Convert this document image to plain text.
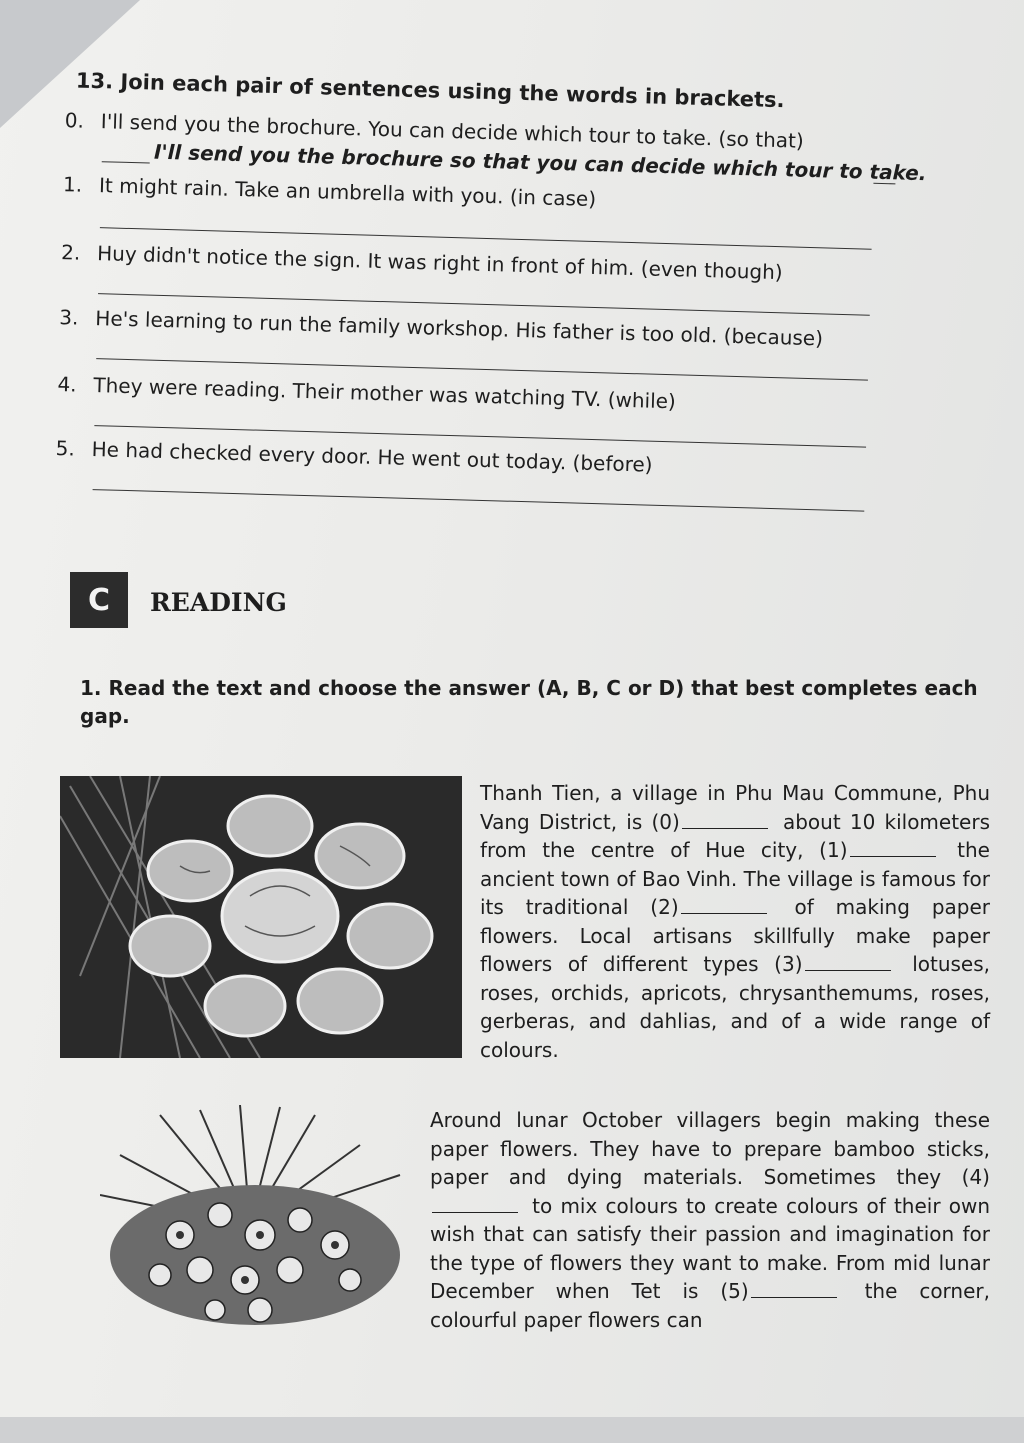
13. Join each pair of sentences using the words in brackets.
0. I'll send you the brochure. You can decide which tour to take. (so that)
I'll send you the brochure so that you can decide which tour to take.
1. It might rain. Take an umbrella with you. (in case)
2. Huy didn't notice the sign. It was right in front of him. (even though)
3. He's learning to run the family workshop. His father is too old. (because)
4. They were reading. Their mother was watching TV. (while)
5. He had checked every door. He went out today. (before)
C	READING
1. Read the text and choose the answer (A, B, C or D) that best completes each gap.
Thanh Tien, a village in Phu Mau Commune, Phu Vang District, is (0)	about 10 kilometers from the centre of Hue city, (1)	the ancient town of Bao Vinh. The village is famous for its traditional (2)	of making paper flowers. Local artisans skillfully make paper flowers of different types (3)	lotuses, roses, orchids, apricots, chrysanthemums, roses, gerberas, and dahlias, and of a wide range of colours.
Around lunar October villagers begin making these paper flowers. They have to prepare bamboo sticks, paper and dying materials. Sometimes they (4) to mix colours to create colours of their own wish that can satisfy their passion and imagination for the type of flowers they want to make. From mid lunar December when Tet is (5)	the corner, colourful paper flowers can
